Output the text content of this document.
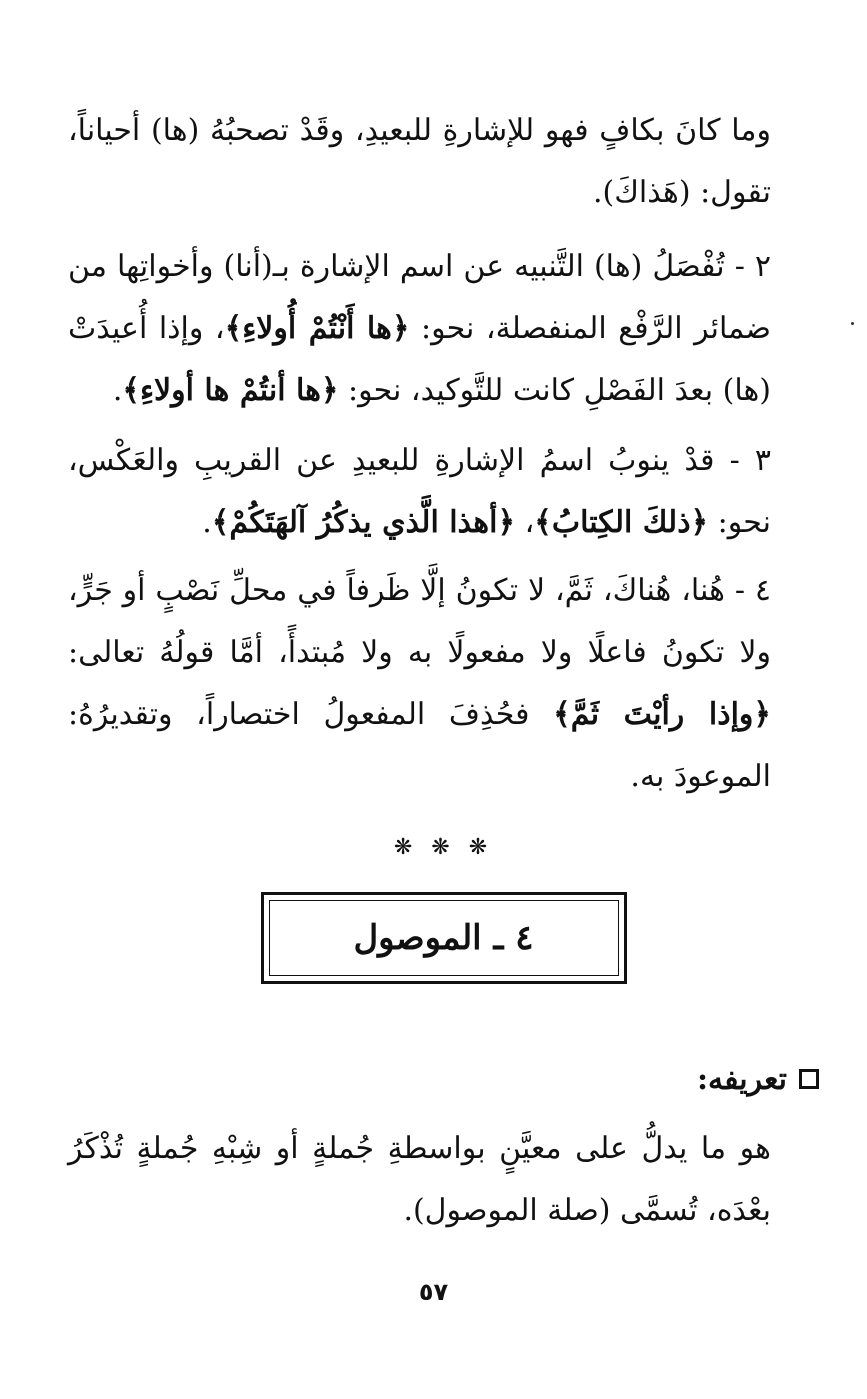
وما كانَ بكافٍ فهو للإشارةِ للبعيدِ، وقَدْ تصحبُهُ (ها) أحياناً، تقول: (هَذاكَ).

٢ - تُفْصَلُ (ها) التَّنبيه عن اسم الإشارة بـ(أنا) وأخواتِها من ضمائر الرَّفْع المنفصلة، نحو: ﴿ها أَنْتُمْ أُولاءِ﴾، وإذا أُعيدَتْ (ها) بعدَ الفَصْلِ كانت للتَّوكيد، نحو: ﴿ها أنتُمْ ها أولاءِ﴾.

٣ - قدْ ينوبُ اسمُ الإشارةِ للبعيدِ عن القريبِ والعَكْس، نحو: ﴿ذلكَ الكِتابُ﴾، ﴿أهذا الَّذي يذكُرُ آلهَتَكُمْ﴾.

٤ - هُنا، هُناكَ، ثَمَّ، لا تكونُ إلَّا ظَرفاً في محلِّ نَصْبٍ أو جَرٍّ، ولا تكونُ فاعلًا ولا مفعولًا به ولا مُبتدأً، أمَّا قولُهُ تعالى: ﴿وإذا رأيْتَ ثَمَّ﴾ فحُذِفَ المفعولُ اختصاراً، وتقديرُهُ: الموعودَ به.

❋ ❋ ❋
٤ ـ الموصول
تعريفه:

هو ما يدلُّ على معيَّنٍ بواسطةِ جُملةٍ أو شِبْهِ جُملةٍ تُذْكَرُ بعْدَه، تُسمَّى (صلة الموصول).

٥٧
